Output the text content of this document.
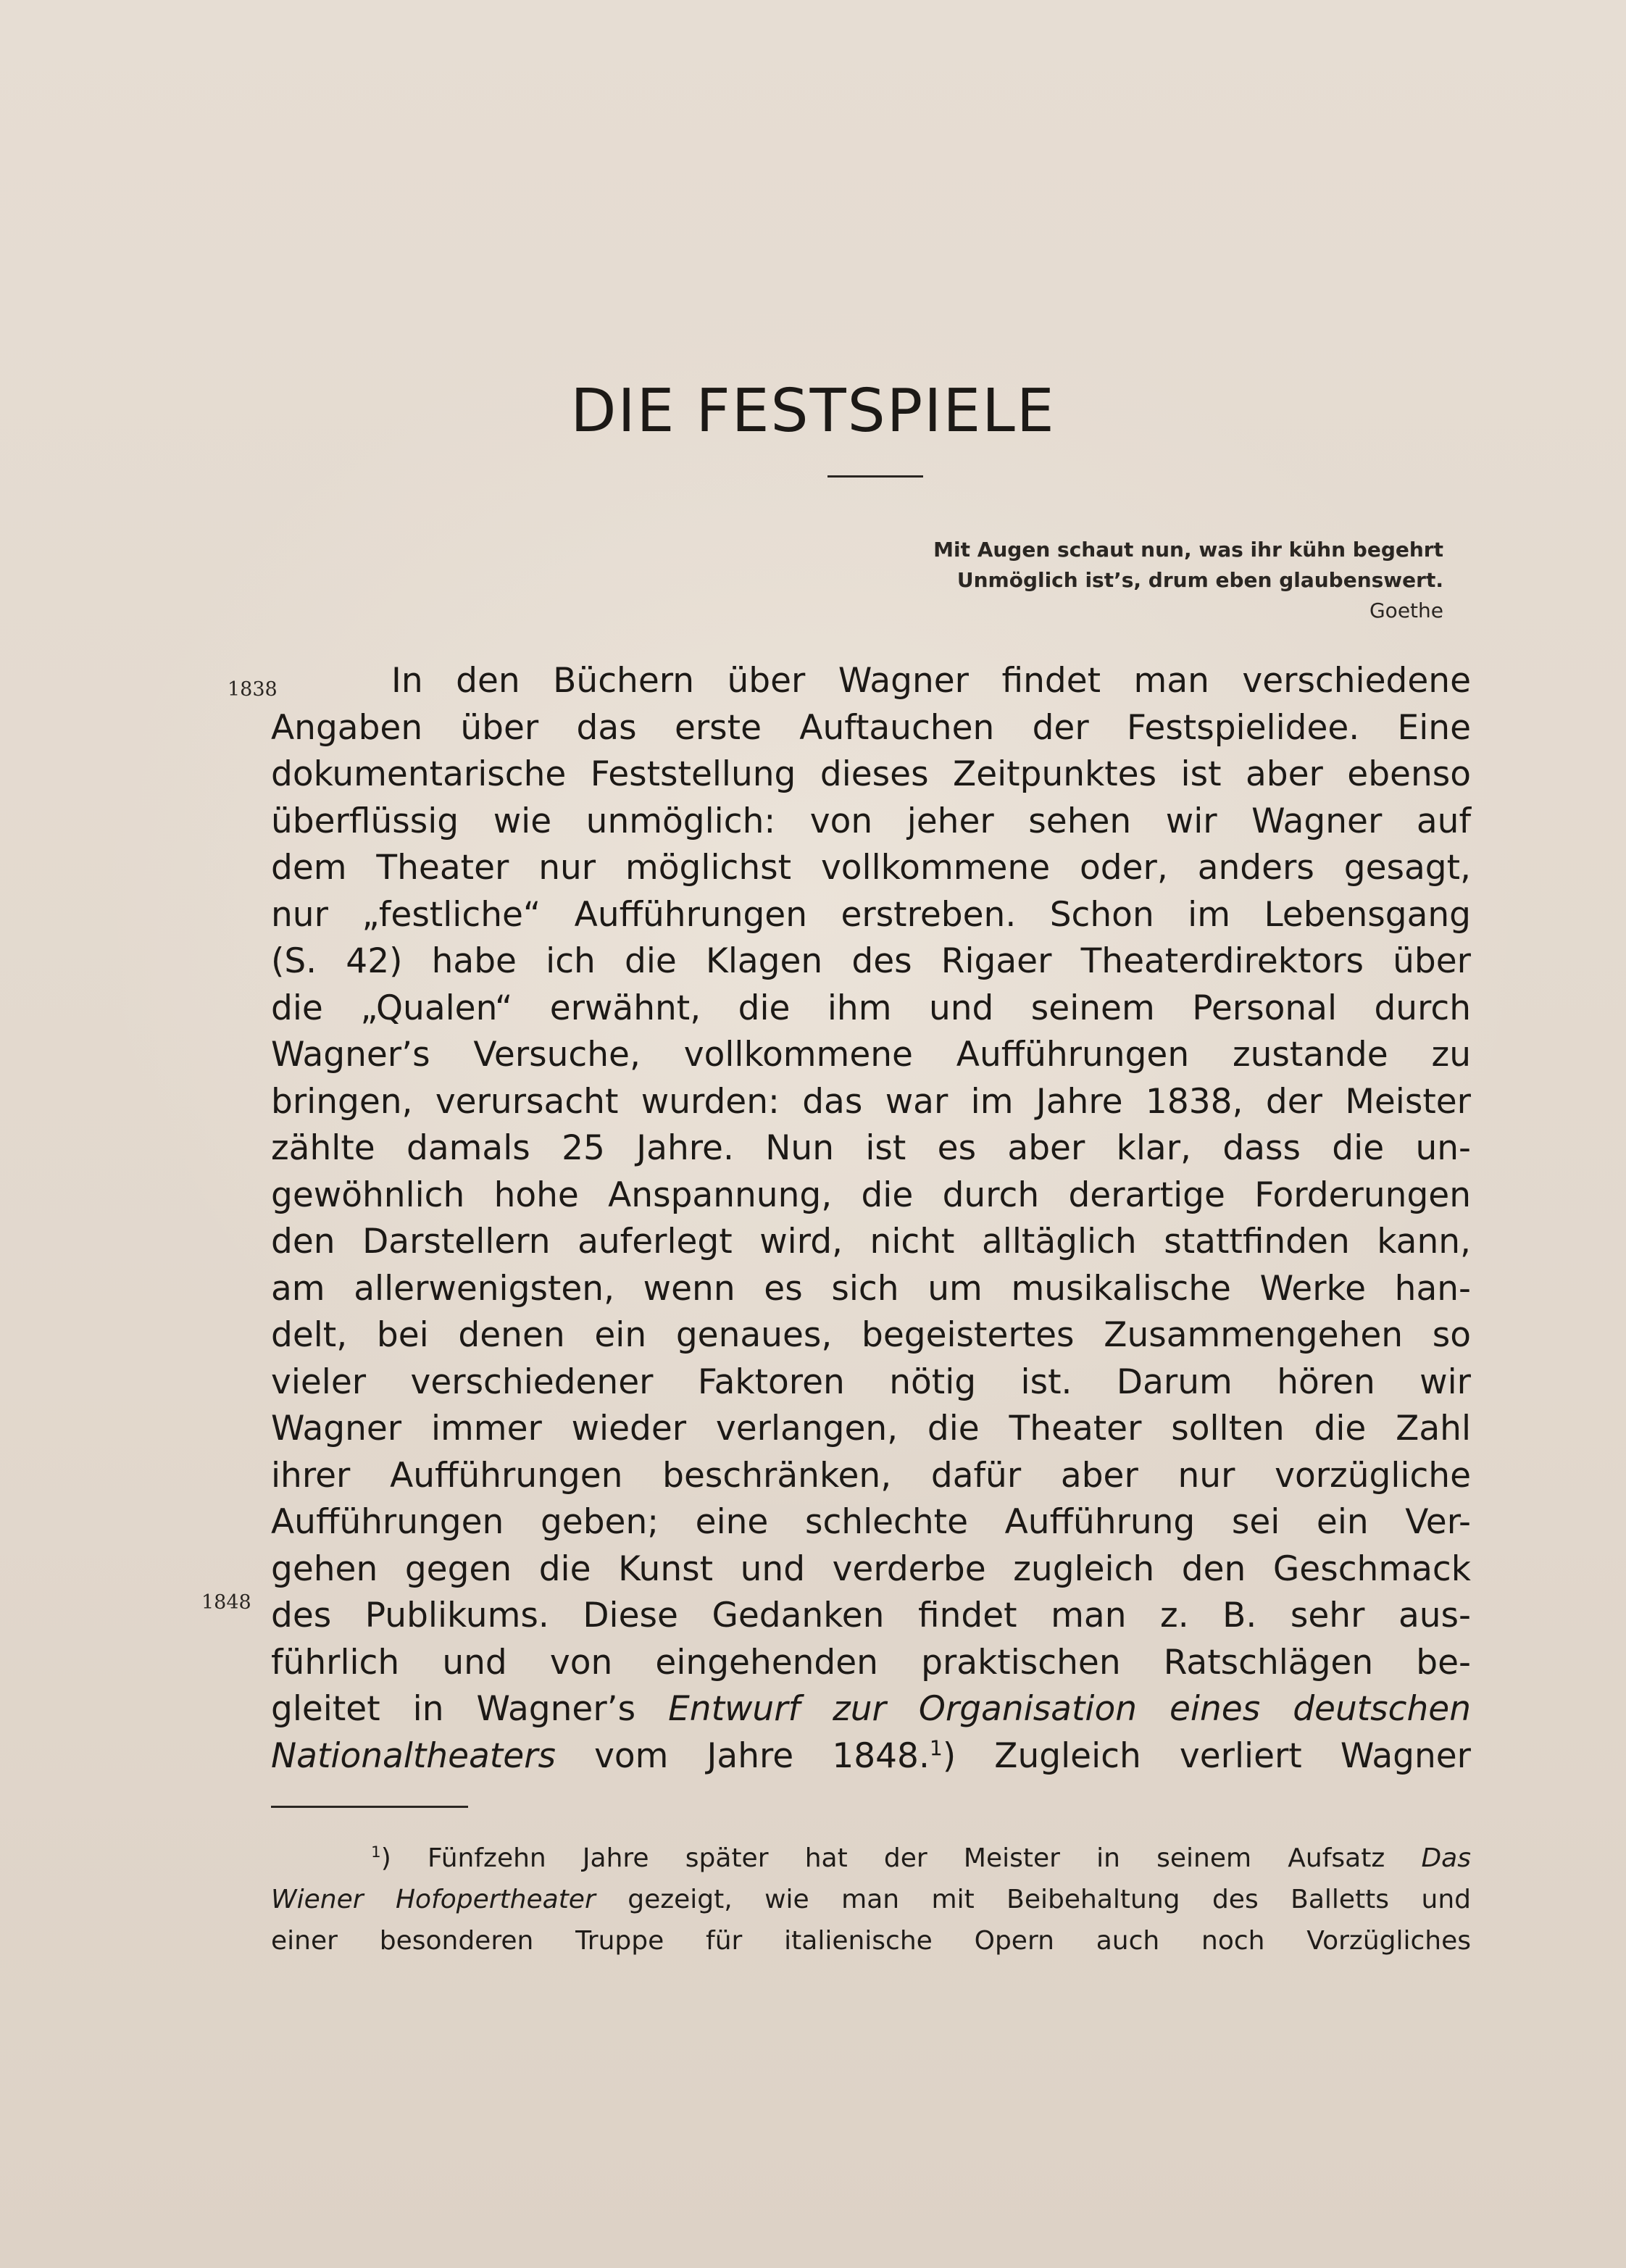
DIE FESTSPIELE
Mit Augen schaut nun, was ihr kühn begehrt
Unmöglich ist’s, drum eben glaubenswert.
Goethe
1838
1848
In den Büchern über Wagner findet man verschiedene
Angaben über das erste Auftauchen der Festspielidee. Eine
dokumentarische Feststellung dieses Zeitpunktes ist aber ebenso
überflüssig wie unmöglich: von jeher sehen wir Wagner auf
dem Theater nur möglichst vollkommene oder, anders gesagt,
nur „festliche“ Aufführungen erstreben. Schon im Lebensgang
(S. 42) habe ich die Klagen des Rigaer Theaterdirektors über
die „Qualen“ erwähnt, die ihm und seinem Personal durch
Wagner’s Versuche, vollkommene Aufführungen zustande zu
bringen, verursacht wurden: das war im Jahre 1838, der Meister
zählte damals 25 Jahre. Nun ist es aber klar, dass die un-
gewöhnlich hohe Anspannung, die durch derartige Forderungen
den Darstellern auferlegt wird, nicht alltäglich stattfinden kann,
am allerwenigsten, wenn es sich um musikalische Werke han-
delt, bei denen ein genaues, begeistertes Zusammengehen so
vieler verschiedener Faktoren nötig ist. Darum hören wir
Wagner immer wieder verlangen, die Theater sollten die Zahl
ihrer Aufführungen beschränken, dafür aber nur vorzügliche
Aufführungen geben; eine schlechte Aufführung sei ein Ver-
gehen gegen die Kunst und verderbe zugleich den Geschmack
des Publikums. Diese Gedanken findet man z. B. sehr aus-
führlich und von eingehenden praktischen Ratschlägen be-
gleitet in Wagner’s Entwurf zur Organisation eines deutschen
Nationaltheaters vom Jahre 1848.$^1$) Zugleich verliert Wagner
$^1$) Fünfzehn Jahre später hat der Meister in seinem Aufsatz Das
Wiener Hofopertheater gezeigt, wie man mit Beibehaltung des Balletts und
einer besonderen Truppe für italienische Opern auch noch Vorzügliches
